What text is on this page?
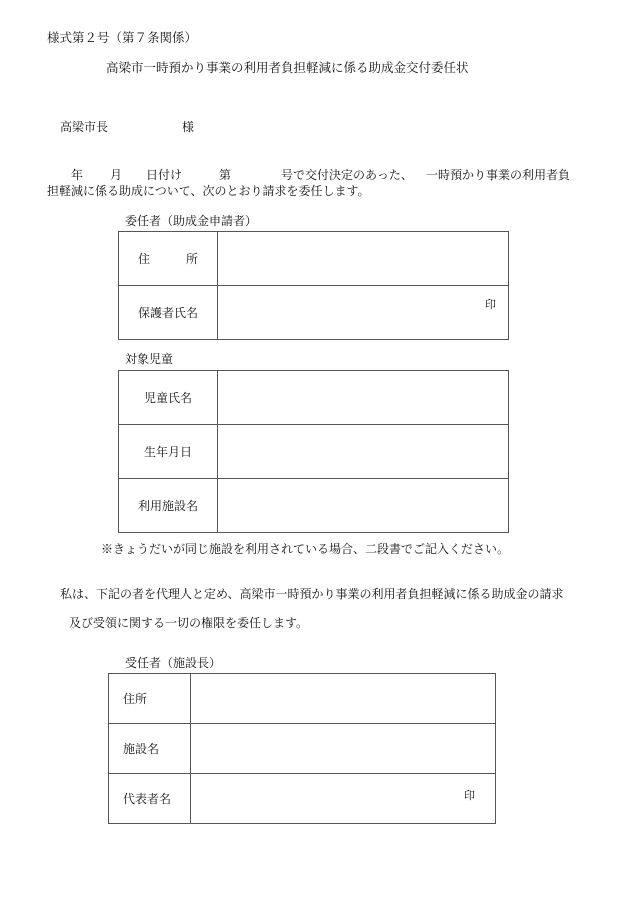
様式第２号（第７条関係）
高梁市一時預かり事業の利用者負担軽減に係る助成金交付委任状
高梁市長	様
年 月 日付け	第	号で交付決定のあった、 一時預かり事業の利用者負
担軽減に係る助成について、次のとおり請求を委任します。
委任者（助成金申請者）
住　　　所	
保護者氏名	印
対象児童
児童氏名	
生年月日	
利用施設名	
※きょうだいが同じ施設を利用されている場合、二段書でご記入ください。
私は、下記の者を代理人と定め、高梁市一時預かり事業の利用者負担軽減に係る助成金の請求
及び受領に関する一切の権限を委任します。
受任者（施設長）
住所	
施設名	
代表者名	印
